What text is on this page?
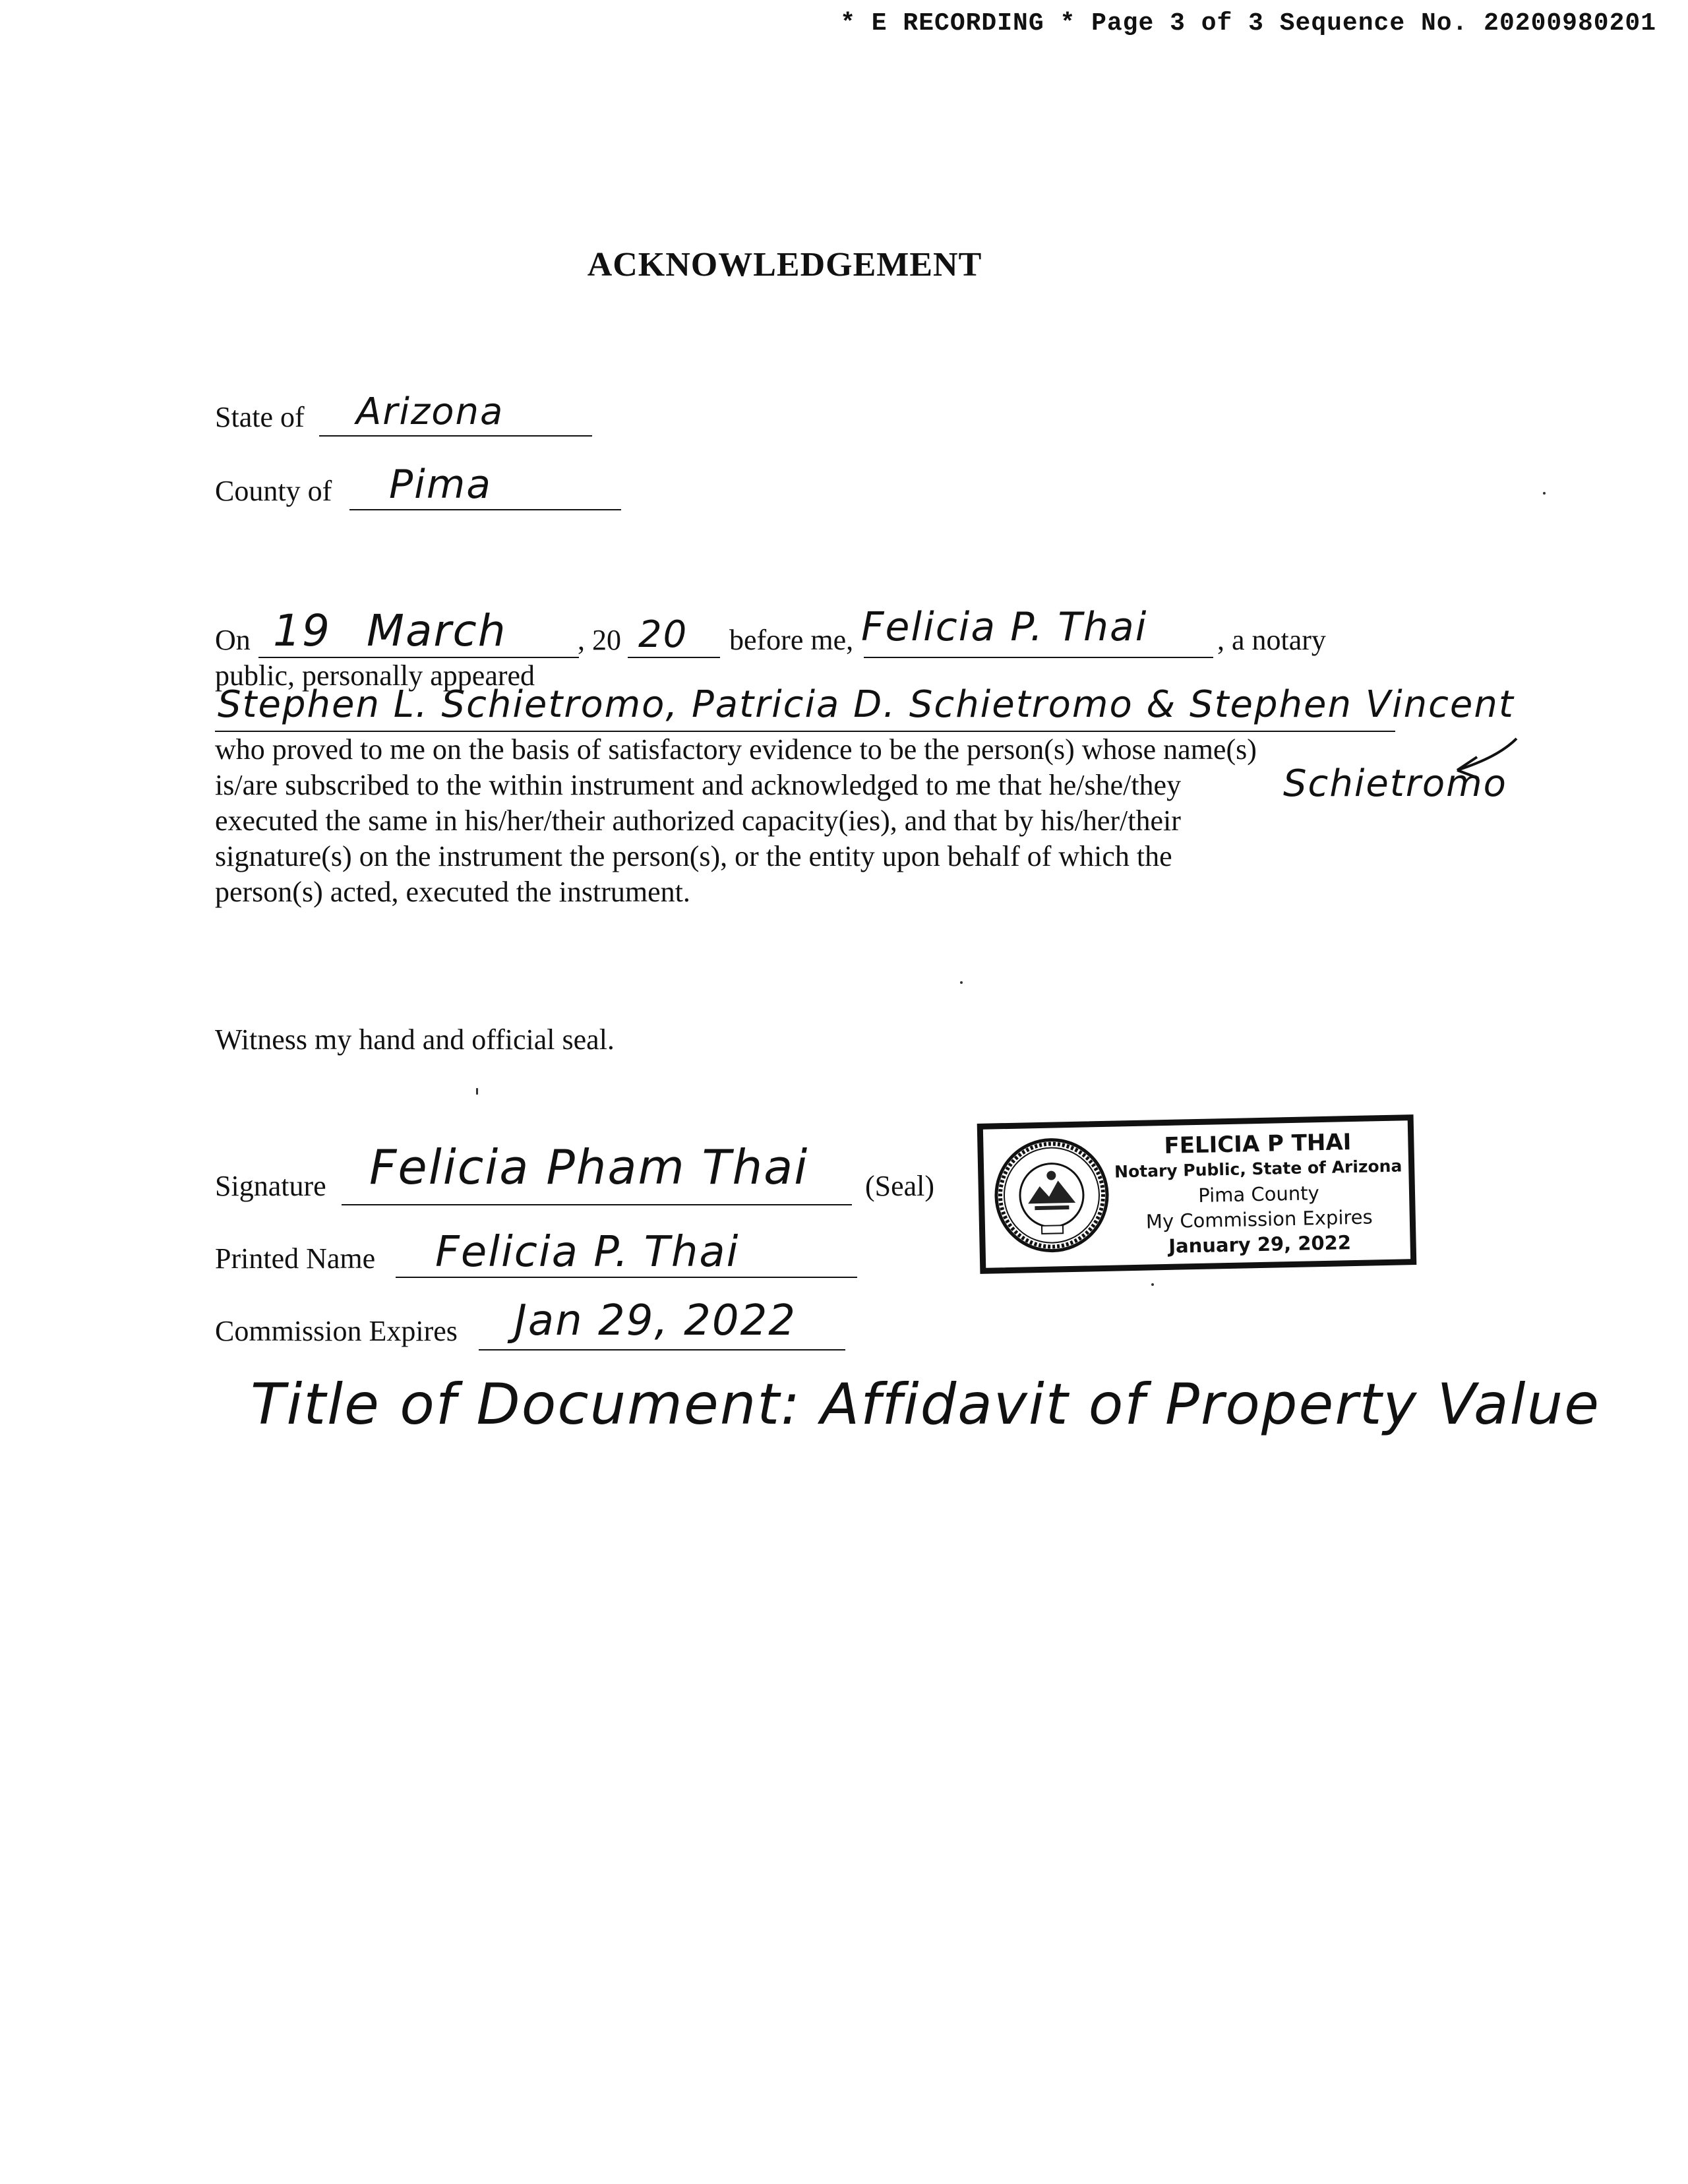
* E RECORDING * Page 3 of 3 Sequence No. 20200980201
ACKNOWLEDGEMENT
State of Arizona
County of Pima
On 19 March , 20 20 before me, Felicia P. Thai , a notary
public, personally appeared
Stephen L. Schietromo, Patricia D. Schietromo & Stephen Vincent
who proved to me on the basis of satisfactory evidence to be the person(s) whose name(s)
is/are subscribed to the within instrument and acknowledged to me that he/she/they
executed the same in his/her/their authorized capacity(ies), and that by his/her/their
signature(s) on the instrument the person(s), or the entity upon behalf of which the
person(s) acted, executed the instrument.
Schietromo
Witness my hand and official seal.
Signature Felicia Pham Thai (Seal)
Printed Name Felicia P. Thai
Commission Expires Jan 29, 2022
Title of Document: Affidavit of Property Value
FELICIA P THAI
Notary Public, State of Arizona
Pima County
My Commission Expires
January 29, 2022
